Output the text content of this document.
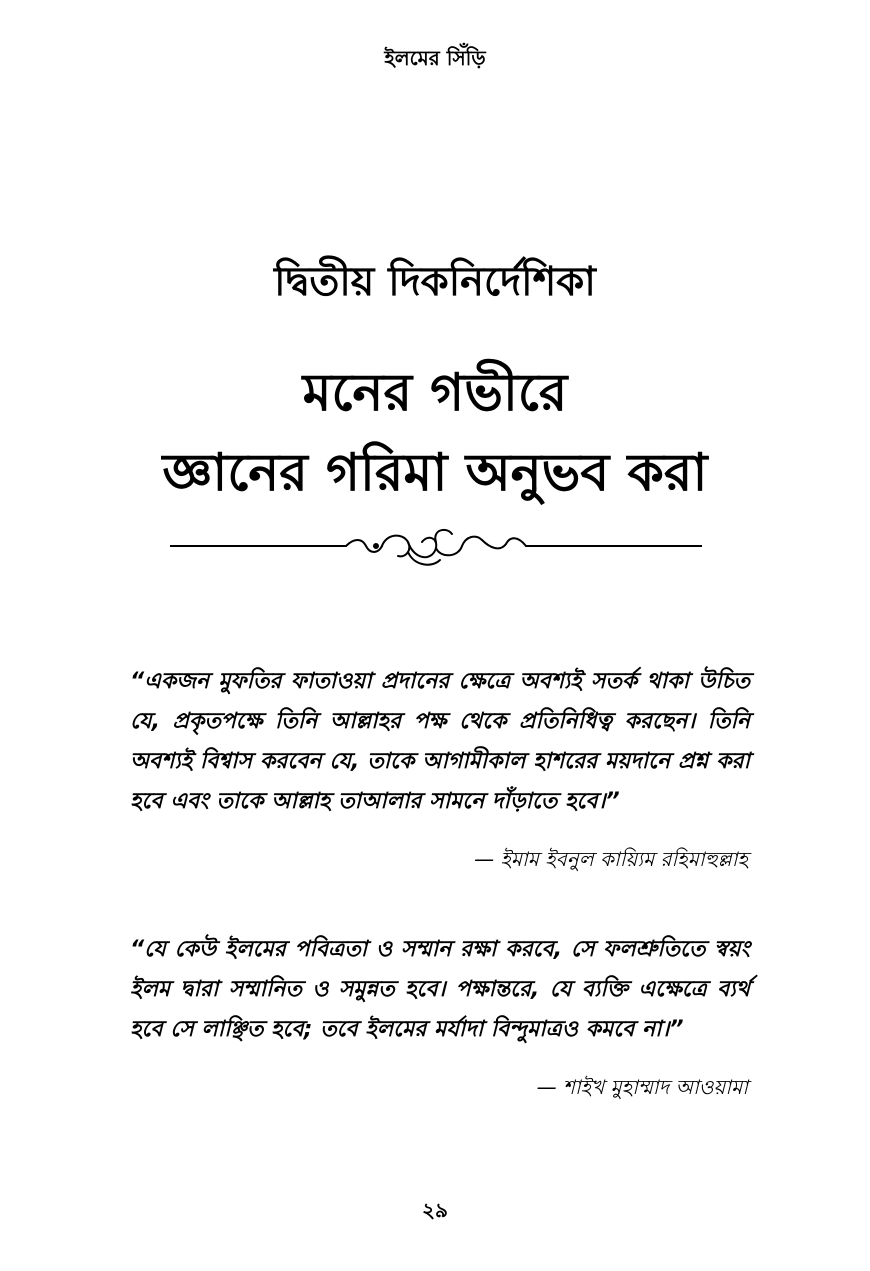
ইলমের সিঁড়ি
দ্বিতীয় দিকনির্দেশিকা
মনের গভীরে
জ্ঞানের গরিমা অনুভব করা
“একজন মুফতির ফাতাওয়া প্রদানের ক্ষেত্রে অবশ্যই সতর্ক থাকা উচিত যে, প্রকৃতপক্ষে তিনি আল্লাহর পক্ষ থেকে প্রতিনিধিত্ব করছেন। তিনি অবশ্যই বিশ্বাস করবেন যে, তাকে আগামীকাল হাশরের ময়দানে প্রশ্ন করা হবে এবং তাকে আল্লাহ তাআলার সামনে দাঁড়াতে হবে।”
— ইমাম ইবনুল কায়্যিম রহিমাহুল্লাহ
“যে কেউ ইলমের পবিত্রতা ও সম্মান রক্ষা করবে, সে ফলশ্রুতিতে স্বয়ং ইলম দ্বারা সম্মানিত ও সমুন্নত হবে। পক্ষান্তরে, যে ব্যক্তি এক্ষেত্রে ব্যর্থ হবে সে লাঞ্ছিত হবে; তবে ইলমের মর্যাদা বিন্দুমাত্রও কমবে না।”
— শাইখ মুহাম্মাদ আওয়ামা
২৯
